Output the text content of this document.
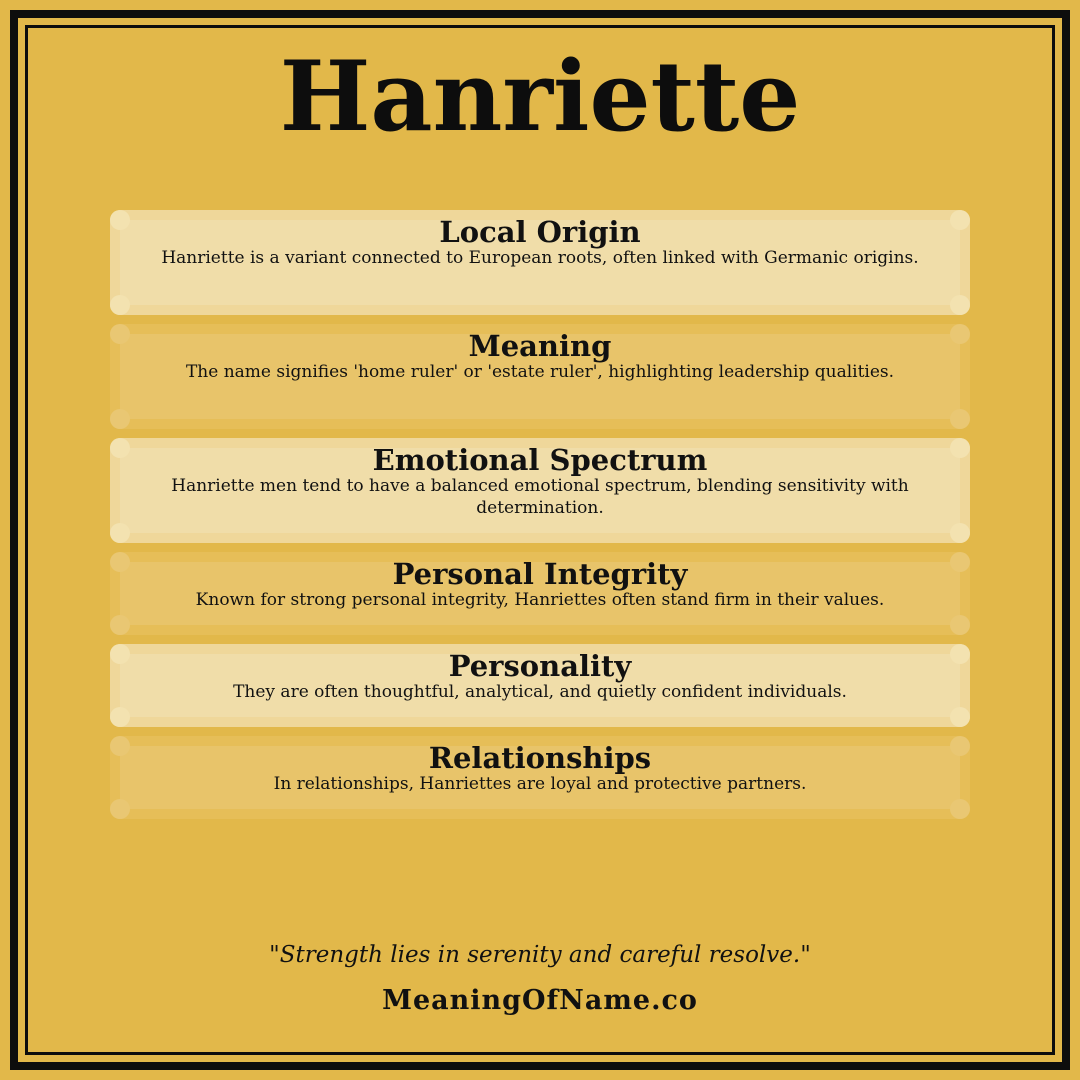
Hanriette
Local Origin
Hanriette is a variant connected to European roots, often linked with Germanic origins.
Meaning
The name signifies 'home ruler' or 'estate ruler', highlighting leadership qualities.
Emotional Spectrum
Hanriette men tend to have a balanced emotional spectrum, blending sensitivity with determination.
Personal Integrity
Known for strong personal integrity, Hanriettes often stand firm in their values.
Personality
They are often thoughtful, analytical, and quietly confident individuals.
Relationships
In relationships, Hanriettes are loyal and protective partners.
"Strength lies in serenity and careful resolve."
MeaningOfName.co
